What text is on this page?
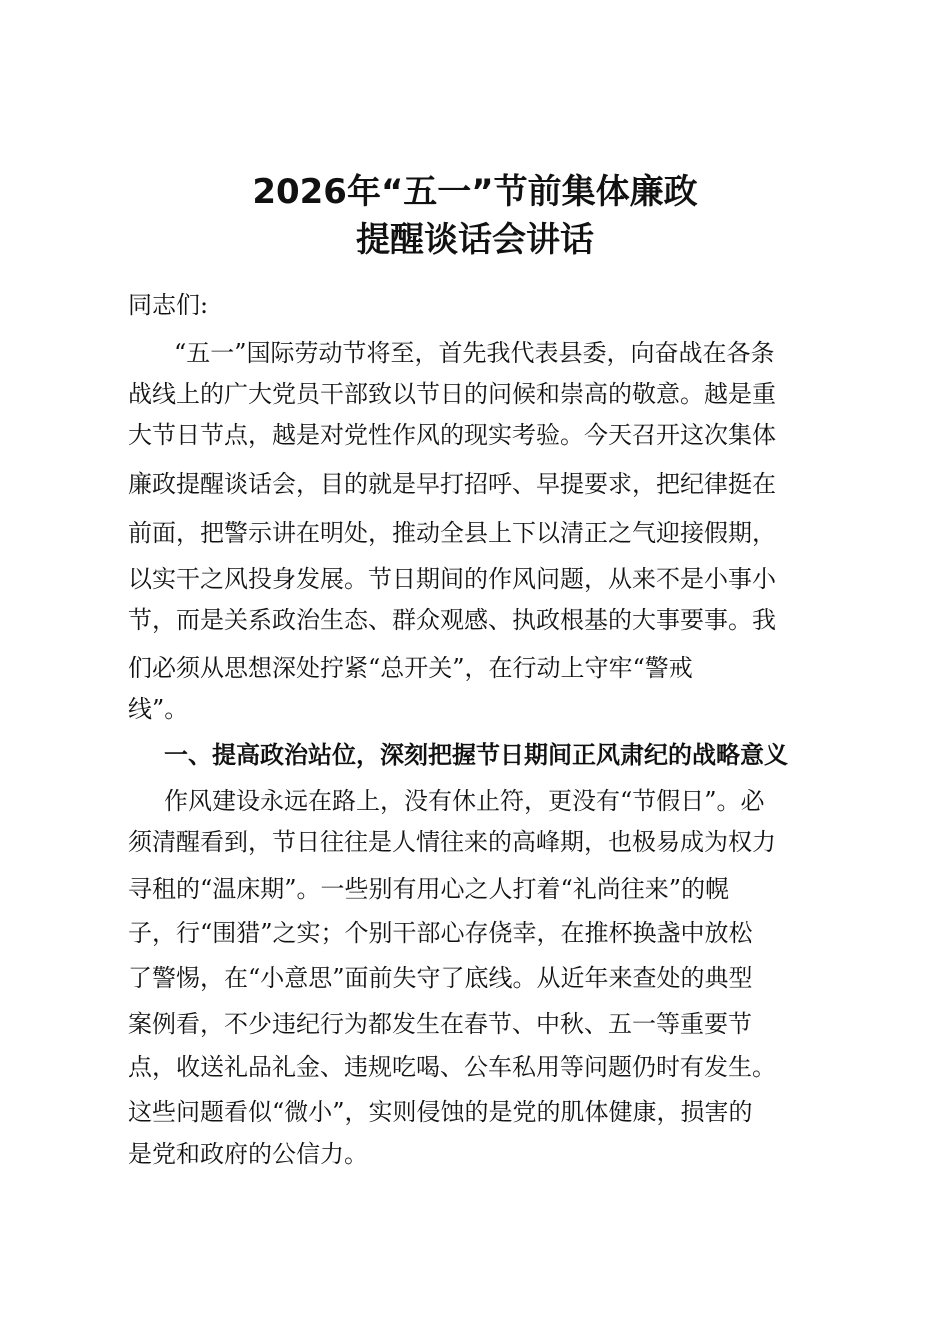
2026年“五一”节前集体廉政
提醒谈话会讲话

同志们:

“五一”国际劳动节将至，首先我代表县委，向奋战在各条

战线上的广大党员干部致以节日的问候和崇高的敬意。越是重

大节日节点，越是对党性作风的现实考验。今天召开这次集体

廉政提醒谈话会，目的就是早打招呼、早提要求，把纪律挺在

前面，把警示讲在明处，推动全县上下以清正之气迎接假期，

以实干之风投身发展。节日期间的作风问题，从来不是小事小

节，而是关系政治生态、群众观感、执政根基的大事要事。我

们必须从思想深处拧紧“总开关”，在行动上守牢“警戒

线”。

一、提高政治站位，深刻把握节日期间正风肃纪的战略意义

作风建设永远在路上，没有休止符，更没有“节假日”。必

须清醒看到，节日往往是人情往来的高峰期，也极易成为权力

寻租的“温床期”。一些别有用心之人打着“礼尚往来”的幌

子，行“围猎”之实；个别干部心存侥幸，在推杯换盏中放松

了警惕，在“小意思”面前失守了底线。从近年来查处的典型

案例看，不少违纪行为都发生在春节、中秋、五一等重要节

点，收送礼品礼金、违规吃喝、公车私用等问题仍时有发生。

这些问题看似“微小”，实则侵蚀的是党的肌体健康，损害的

是党和政府的公信力。
